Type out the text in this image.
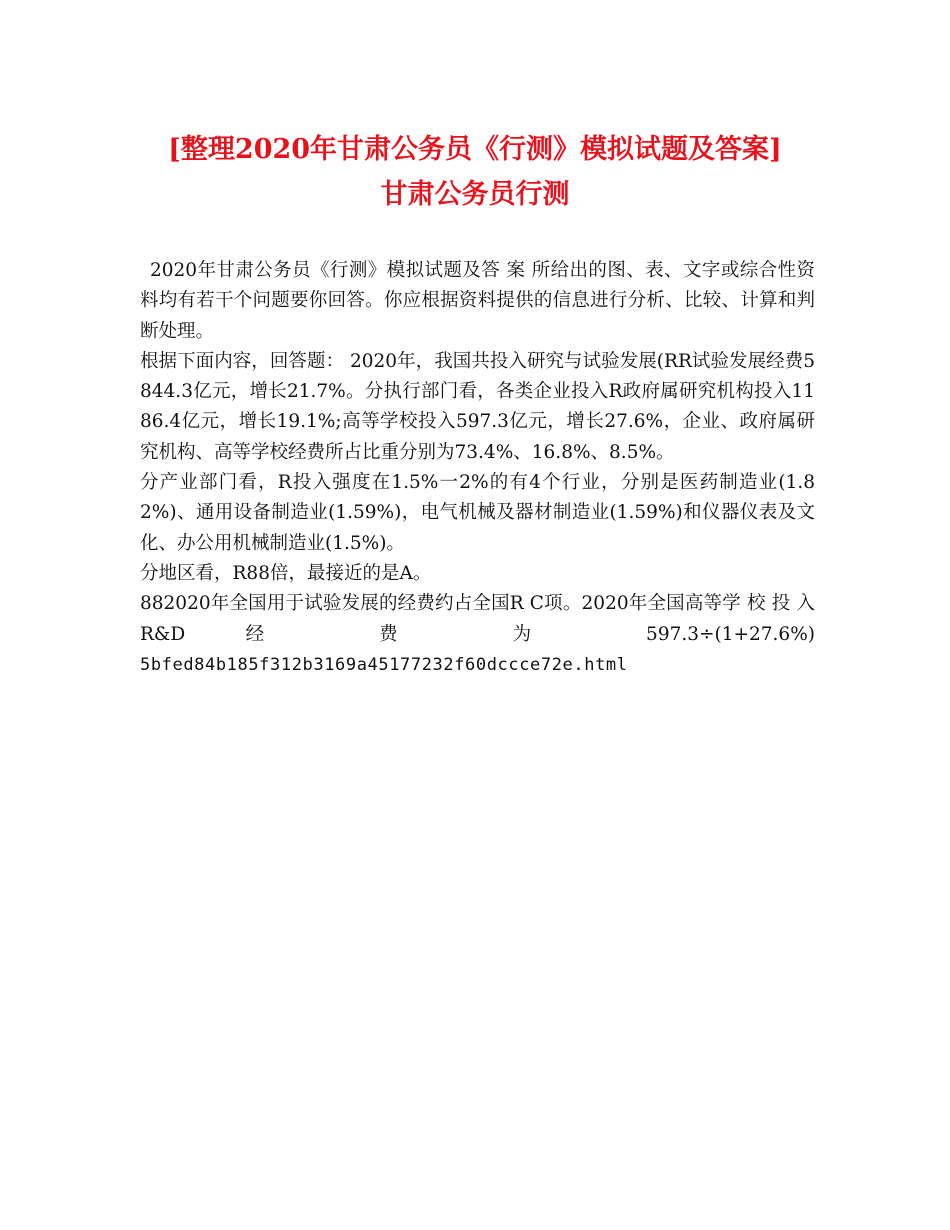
[整理2020年甘肃公务员《行测》模拟试题及答案]
甘肃公务员行测

2020年甘肃公务员《行测》模拟试题及答 案 所给出的图、表、文字或综合性资料均有若干个问题要你回答。你应根据资料提供的信息进行分析、比较、计算和判断处理。

根据下面内容，回答题： 2020年，我国共投入研究与试验发展(RR试验发展经费5844.3亿元，增长21.7%。分执行部门看，各类企业投入R政府属研究机构投入1186.4亿元，增长19.1%;高等学校投入597.3亿元，增长27.6%，企业、政府属研究机构、高等学校经费所占比重分别为73.4%、16.8%、8.5%。

分产业部门看，R投入强度在1.5%一2%的有4个行业，分别是医药制造业(1.82%)、通用设备制造业(1.59%)，电气机械及器材制造业(1.59%)和仪器仪表及文化、办公用机械制造业(1.5%)。

分地区看，R88倍，最接近的是A。

882020年全国用于试验发展的经费约占全国R C项。2020年全国高等学 校 投 入 R&D 经 费 为 597.3÷(1+27.6%)

5bfed84b185f312b3169a45177232f60dccce72e.html
